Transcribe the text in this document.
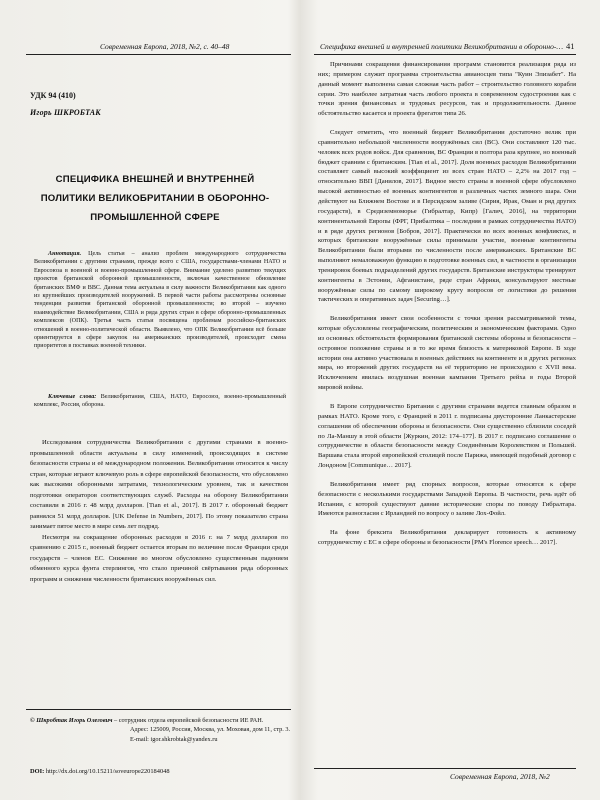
Современная Европа, 2018, №2, с. 40–48
УДК 94 (410)
Игорь ШКРОБТАК
СПЕЦИФИКА ВНЕШНЕЙ И ВНУТРЕННЕЙ ПОЛИТИКИ ВЕЛИКОБРИТАНИИ В ОБОРОННО-ПРОМЫШЛЕННОЙ СФЕРЕ

Аннотация. Цель статьи – анализ проблем международного сотрудничества Великобритании с другими странами, прежде всего с США, государствами-членами НАТО и Евросоюза в военной и военно-промышленной сфере. Внимание уделено развитию текущих проектов британской оборонной промышленности, включая качественное обновление британских ВМФ и ВВС. Данная тема актуальна в силу важности Великобритании как одного из крупнейших производителей вооружений. В первой части работы рассмотрены основные тенденции развития британской оборонной промышленности; во второй – изучено взаимодействие Великобритании, США и ряда других стран в сфере оборонно-промышленных комплексов (ОПК). Третья часть статьи посвящена проблемам российско-британских отношений в военно-политической области. Выявлено, что ОПК Великобритании всё больше ориентируется в сфере закупок на американских производителей, происходит смена приоритетов в поставках военной техники.

Ключевые слова: Великобритания, США, НАТО, Евросоюз, военно-промышленный комплекс, Россия, оборона.

Исследования сотрудничества Великобритании с другими странами в военно-промышленной области актуальны в силу изменений, происходящих в системе безопасности страны и её международном положении. Великобритания относится к числу стран, которые играют ключевую роль в сфере европейской безопасности, что обусловлено как высокими оборонными затратами, технологическим уровнем, так и качеством подготовки операторов соответствующих служб. Расходы на оборону Великобритании составили в 2016 г. 48 млрд долларов. [Tian et al., 2017]. В 2017 г. оборонный бюджет равнялся 51 млрд долларов. [UK Defense in Numbers, 2017]. По этому показателю страна занимает пятое место в мире семь лет подряд.

Несмотря на сокращение оборонных расходов в 2016 г. на 7 млрд долларов по сравнению с 2015 г., военный бюджет остается вторым по величине после Франции среди государств – членов ЕС. Снижение во многом обусловлено существенным падением обменного курса фунта стерлингов, что стало причиной свёртывания ряда оборонных программ и снижения численности британских вооружённых сил.

© Шкробтак Игорь Олегович – сотрудник отдела европейской безопасности ИЕ РАН.
Адрес: 125009, Россия, Москва, ул. Моховая, дом 11, стр. 3.
E-mail: igor.shkrobtak@yandex.ru
DOI: http://dx.doi.org/10.15211/soveurope220184048
Специфика внешней и внутренней политики Великобритании в оборонно-… 41

Причинами сокращения финансирования программ становится реализация ряда из них; примером служит программа строительства авианосцев типа "Куин Элизабет". На данный момент выполнена самая сложная часть работ – строительство головного корабля серии. Это наиболее затратная часть любого проекта в современном судостроении как с точки зрения финансовых и трудовых ресурсов, так и продолжительности. Данное обстоятельство касается и проекта фрегатов типа 26.

Следует отметить, что военный бюджет Великобритании достаточно велик при сравнительно небольшой численности вооружённых сил (ВС). Они составляют 120 тыс. человек всех родов войск. Для сравнения, ВС Франции в полтора раза крупнее, но военный бюджет сравним с британским. [Tian et al., 2017]. Доля военных расходов Великобритании составляет самый высокий коэффициент из всех стран НАТО – 2,2% на 2017 год – относительно ВВП [Данилов, 2017]. Видное место страны в военной сфере обусловлено высокой активностью её военных контингентов в различных частях земного шара. Они действуют на Ближнем Востоке и в Персидском заливе (Сирия, Ирак, Оман и ряд других государств), в Средиземноморье (Гибралтар, Кипр) [Галич, 2016], на территории континентальной Европы (ФРГ, Прибалтика – последняя в рамках сотрудничества НАТО) и в ряде других регионов [Бобров, 2017]. Практически во всех военных конфликтах, в которых британские вооружённые силы принимали участие, военные контингенты Великобритании были вторыми по численности после американских. Британские ВС выполняют немаловажную функцию в подготовке военных сил, в частности в организации тренировок боевых подразделений других государств. Британские инструкторы тренируют контингенты в Эстонии, Афганистане, ряде стран Африки, консультируют местные вооружённые силы по самому широкому кругу вопросов от логистики до решения тактических и оперативных задач [Securing…].

Великобритания имеет свои особенности с точки зрения рассматриваемой темы, которые обусловлены географическим, политическим и экономическим факторами. Одно из основных обстоятельств формирования британской системы обороны и безопасности – островное положение страны и в то же время близость к материковой Европе. В ходе истории она активно участвовала в военных действиях на континенте и в других регионах мира, но вторжений других государств на её территорию не происходило с XVII века. Исключением явилась воздушная военная кампания Третьего рейха в годы Второй мировой войны.

В Европе сотрудничество Британии с другими странами ведется главным образом в рамках НАТО. Кроме того, с Францией в 2011 г. подписаны двусторонние Ланкастерские соглашения об обеспечении обороны и безопасности. Они существенно сблизили соседей по Ла-Маншу в этой области [Журкин, 2012: 174–177]. В 2017 г. подписано соглашение о сотрудничестве в области безопасности между Соединённым Королевством и Польшей. Варшава стала второй европейской столицей после Парижа, имеющей подобный договор с Лондоном [Communique… 2017].

Великобритания имеет ряд спорных вопросов, которые относятся к сфере безопасности с несколькими государствами Западной Европы. В частности, речь идёт об Испании, с которой существуют давние исторические споры по поводу Гибралтара. Имеются разногласия с Ирландией по вопросу о заливе Лох-Фойл.

На фоне брексита Великобритания декларирует готовность к активному сотрудничеству с ЕС в сфере обороны и безопасности [PM's Florence speech… 2017].

Современная Европа, 2018, №2
